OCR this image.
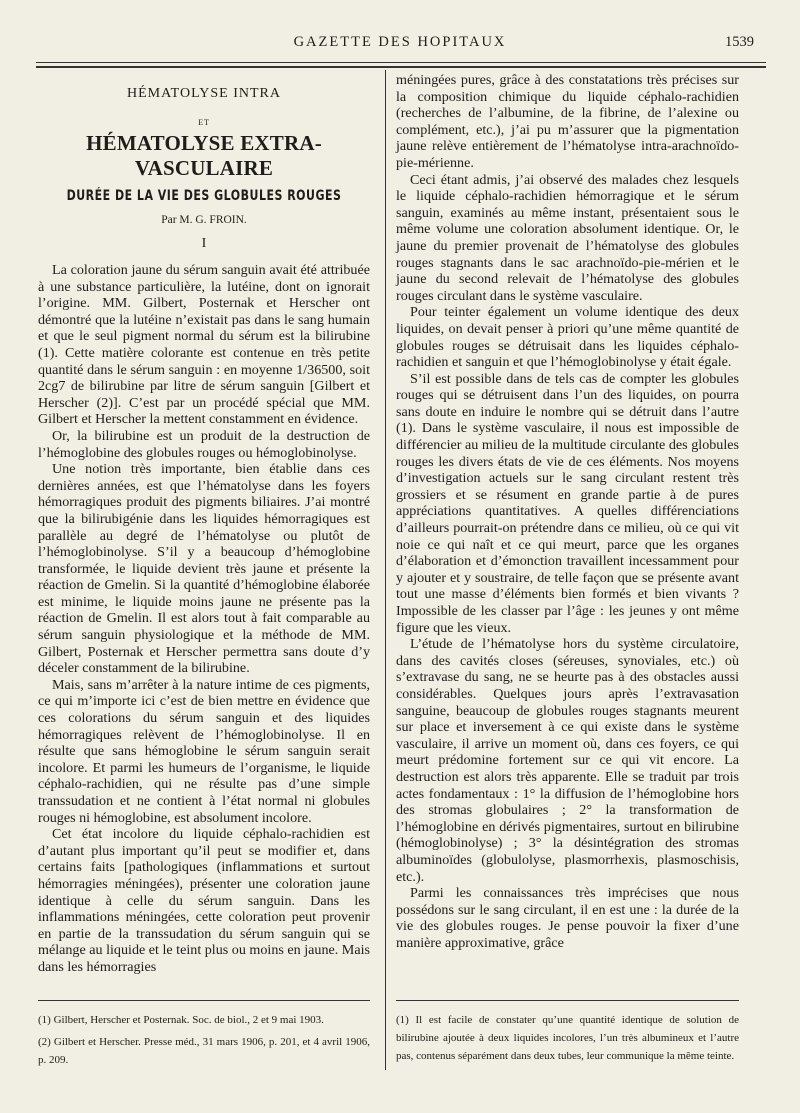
GAZETTE DES HOPITAUX	1539
HÉMATOLYSE INTRA
ET
HÉMATOLYSE EXTRA-VASCULAIRE
DURÉE DE LA VIE DES GLOBULES ROUGES
Par M. G. FROIN.
I

La coloration jaune du sérum sanguin avait été attribuée à une substance particulière, la lutéine, dont on ignorait l’origine. MM. Gilbert, Posternak et Herscher ont démontré que la lutéine n’existait pas dans le sang humain et que le seul pigment normal du sérum est la bilirubine (1). Cette matière colorante est contenue en très petite quantité dans le sérum sanguin : en moyenne 1/36500, soit 2cg7 de bilirubine par litre de sérum sanguin [Gilbert et Herscher (2)]. C’est par un procédé spécial que MM. Gilbert et Herscher la mettent constamment en évidence.

Or, la bilirubine est un produit de la destruction de l’hémoglobine des globules rouges ou hémoglobinolyse.

Une notion très importante, bien établie dans ces dernières années, est que l’hématolyse dans les foyers hémorragiques produit des pigments biliaires. J’ai montré que la bilirubigénie dans les liquides hémorragiques est parallèle au degré de l’hématolyse ou plutôt de l’hémoglobinolyse. S’il y a beaucoup d’hémoglobine transformée, le liquide devient très jaune et présente la réaction de Gmelin. Si la quantité d’hémoglobine élaborée est minime, le liquide moins jaune ne présente pas la réaction de Gmelin. Il est alors tout à fait comparable au sérum sanguin physiologique et la méthode de MM. Gilbert, Posternak et Herscher permettra sans doute d’y déceler constamment de la bilirubine.

Mais, sans m’arrêter à la nature intime de ces pigments, ce qui m’importe ici c’est de bien mettre en évidence que ces colorations du sérum sanguin et des liquides hémorragiques relèvent de l’hémoglobinolyse. Il en résulte que sans hémoglobine le sérum sanguin serait incolore. Et parmi les humeurs de l’organisme, le liquide céphalo-rachidien, qui ne résulte pas d’une simple transsudation et ne contient à l’état normal ni globules rouges ni hémoglobine, est absolument incolore.

Cet état incolore du liquide céphalo-rachidien est d’autant plus important qu’il peut se modifier et, dans certains faits [pathologiques (inflammations et surtout hémorragies méningées), présenter une coloration jaune identique à celle du sérum sanguin. Dans les inflammations méningées, cette coloration peut provenir en partie de la transsudation du sérum sanguin qui se mélange au liquide et le teint plus ou moins en jaune. Mais dans les hémorragies

méningées pures, grâce à des constatations très précises sur la composition chimique du liquide céphalo-rachidien (recherches de l’albumine, de la fibrine, de l’alexine ou complément, etc.), j’ai pu m’assurer que la pigmentation jaune relève entièrement de l’hématolyse intra-arachnoïdo-pie-mérienne.

Ceci étant admis, j’ai observé des malades chez lesquels le liquide céphalo-rachidien hémorragique et le sérum sanguin, examinés au même instant, présentaient sous le même volume une coloration absolument identique. Or, le jaune du premier provenait de l’hématolyse des globules rouges stagnants dans le sac arachnoïdo-pie-mérien et le jaune du second relevait de l’hématolyse des globules rouges circulant dans le système vasculaire.

Pour teinter également un volume identique des deux liquides, on devait penser à priori qu’une même quantité de globules rouges se détruisait dans les liquides céphalo-rachidien et sanguin et que l’hémoglobinolyse y était égale.

S’il est possible dans de tels cas de compter les globules rouges qui se détruisent dans l’un des liquides, on pourra sans doute en induire le nombre qui se détruit dans l’autre (1). Dans le système vasculaire, il nous est impossible de différencier au milieu de la multitude circulante des globules rouges les divers états de vie de ces éléments. Nos moyens d’investigation actuels sur le sang circulant restent très grossiers et se résument en grande partie à de pures appréciations quantitatives. A quelles différenciations d’ailleurs pourrait-on prétendre dans ce milieu, où ce qui vit noie ce qui naît et ce qui meurt, parce que les organes d’élaboration et d’émonction travaillent incessamment pour y ajouter et y soustraire, de telle façon que se présente avant tout une masse d’éléments bien formés et bien vivants ? Impossible de les classer par l’âge : les jeunes y ont même figure que les vieux.

L’étude de l’hématolyse hors du système circulatoire, dans des cavités closes (séreuses, synoviales, etc.) où s’extravase du sang, ne se heurte pas à des obstacles aussi considérables. Quelques jours après l’extravasation sanguine, beaucoup de globules rouges stagnants meurent sur place et inversement à ce qui existe dans le système vasculaire, il arrive un moment où, dans ces foyers, ce qui meurt prédomine fortement sur ce qui vit encore. La destruction est alors très apparente. Elle se traduit par trois actes fondamentaux : 1° la diffusion de l’hémoglobine hors des stromas globulaires ; 2° la transformation de l’hémoglobine en dérivés pigmentaires, surtout en bilirubine (hémoglobinolyse) ; 3° la désintégration des stromas albuminoïdes (globulolyse, plasmorrhexis, plasmoschisis, etc.).

Parmi les connaissances très imprécises que nous possédons sur le sang circulant, il en est une : la durée de la vie des globules rouges. Je pense pouvoir la fixer d’une manière approximative, grâce

(1) Gilbert, Herscher et Posternak. Soc. de biol., 2 et 9 mai 1903.

(2) Gilbert et Herscher. Presse méd., 31 mars 1906, p. 201, et 4 avril 1906, p. 209.

(1) Il est facile de constater qu’une quantité identique de solution de bilirubine ajoutée à deux liquides incolores, l’un très albumineux et l’autre pas, contenus séparément dans deux tubes, leur communique la même teinte.
